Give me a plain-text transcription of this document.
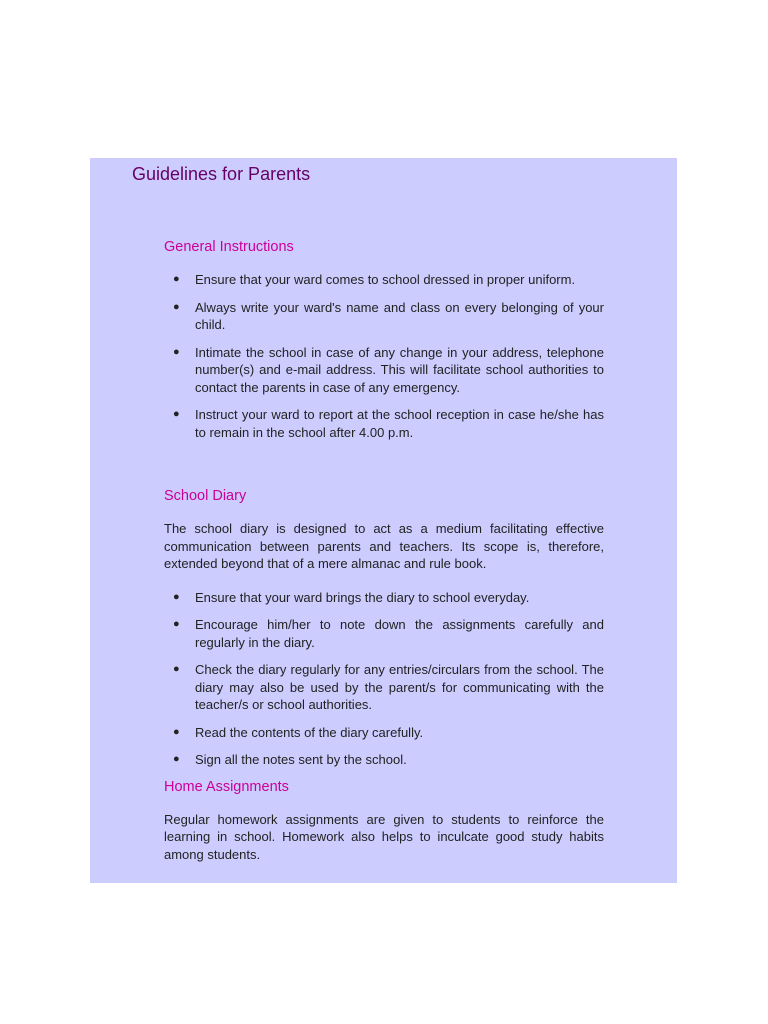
Guidelines for Parents
General Instructions
● Ensure that your ward comes to school dressed in proper uniform.
● Always write your ward's name and class on every belonging of your child.
● Intimate the school in case of any change in your address, telephone number(s) and e-mail address. This will facilitate school authorities to contact the parents in case of any emergency.
● Instruct your ward to report at the school reception in case he/she has to remain in the school after 4.00 p.m.
School Diary

The school diary is designed to act as a medium facilitating effective communication between parents and teachers. Its scope is, therefore, extended beyond that of a mere almanac and rule book.

● Ensure that your ward brings the diary to school everyday.
● Encourage him/her to note down the assignments carefully and regularly in the diary.
● Check the diary regularly for any entries/circulars from the school. The diary may also be used by the parent/s for communicating with the teacher/s or school authorities.
● Read the contents of the diary carefully.
● Sign all the notes sent by the school.
Home Assignments

Regular homework assignments are given to students to reinforce the learning in school. Homework also helps to inculcate good study habits among students.
